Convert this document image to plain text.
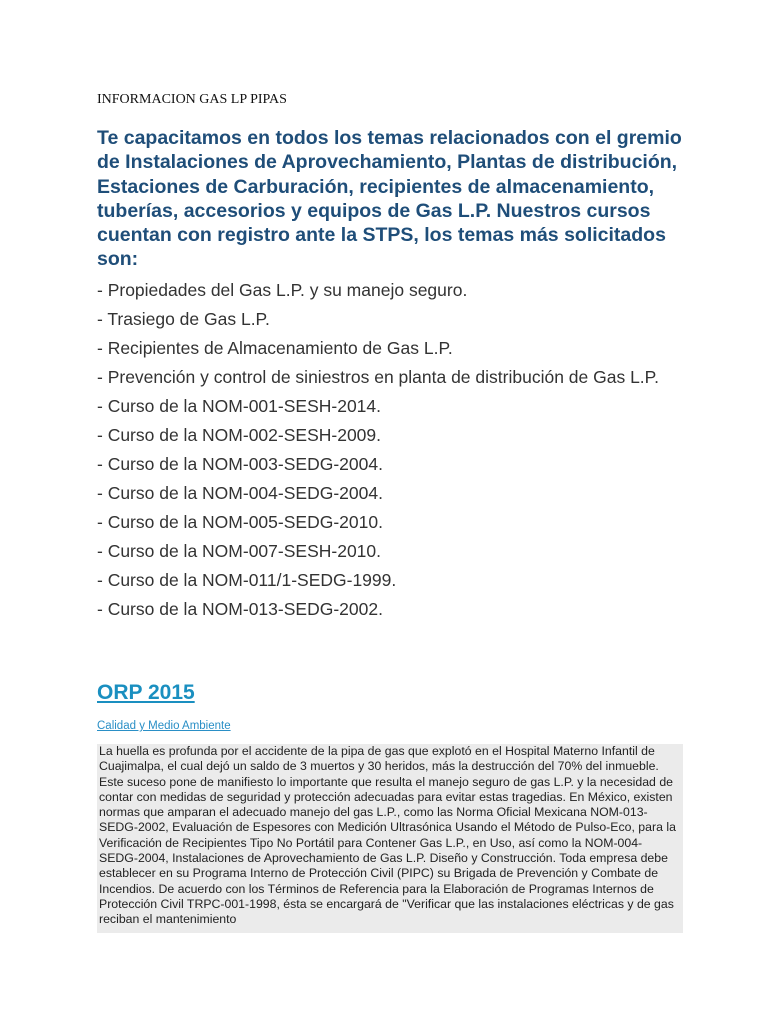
INFORMACION GAS LP PIPAS

Te capacitamos en todos los temas relacionados con el gremio de Instalaciones de Aprovechamiento, Plantas de distribución, Estaciones de Carburación, recipientes de almacenamiento, tuberías, accesorios y equipos de Gas L.P. Nuestros cursos cuentan con registro ante la STPS, los temas más solicitados son:

- Propiedades del Gas L.P. y su manejo seguro.
- Trasiego de Gas L.P.
- Recipientes de Almacenamiento de Gas L.P.
- Prevención y control de siniestros en planta de distribución de Gas L.P.
- Curso de la NOM-001-SESH-2014.
- Curso de la NOM-002-SESH-2009.
- Curso de la NOM-003-SEDG-2004.
- Curso de la NOM-004-SEDG-2004.
- Curso de la NOM-005-SEDG-2010.
- Curso de la NOM-007-SESH-2010.
- Curso de la NOM-011/1-SEDG-1999.
- Curso de la NOM-013-SEDG-2002.
ORP 2015
Calidad y Medio Ambiente
La huella es profunda por el accidente de la pipa de gas que explotó en el Hospital Materno Infantil de Cuajimalpa, el cual dejó un saldo de 3 muertos y 30 heridos, más la destrucción del 70% del inmueble. Este suceso pone de manifiesto lo importante que resulta el manejo seguro de gas L.P. y la necesidad de contar con medidas de seguridad y protección adecuadas para evitar estas tragedias. En México, existen normas que amparan el adecuado manejo del gas L.P., como las Norma Oficial Mexicana NOM-013-SEDG-2002, Evaluación de Espesores con Medición Ultrasónica Usando el Método de Pulso-Eco, para la Verificación de Recipientes Tipo No Portátil para Contener Gas L.P., en Uso, así como la NOM-004-SEDG-2004, Instalaciones de Aprovechamiento de Gas L.P. Diseño y Construcción. Toda empresa debe establecer en su Programa Interno de Protección Civil (PIPC) su Brigada de Prevención y Combate de Incendios. De acuerdo con los Términos de Referencia para la Elaboración de Programas Internos de Protección Civil TRPC-001-1998, ésta se encargará de "Verificar que las instalaciones eléctricas y de gas reciban el mantenimiento
